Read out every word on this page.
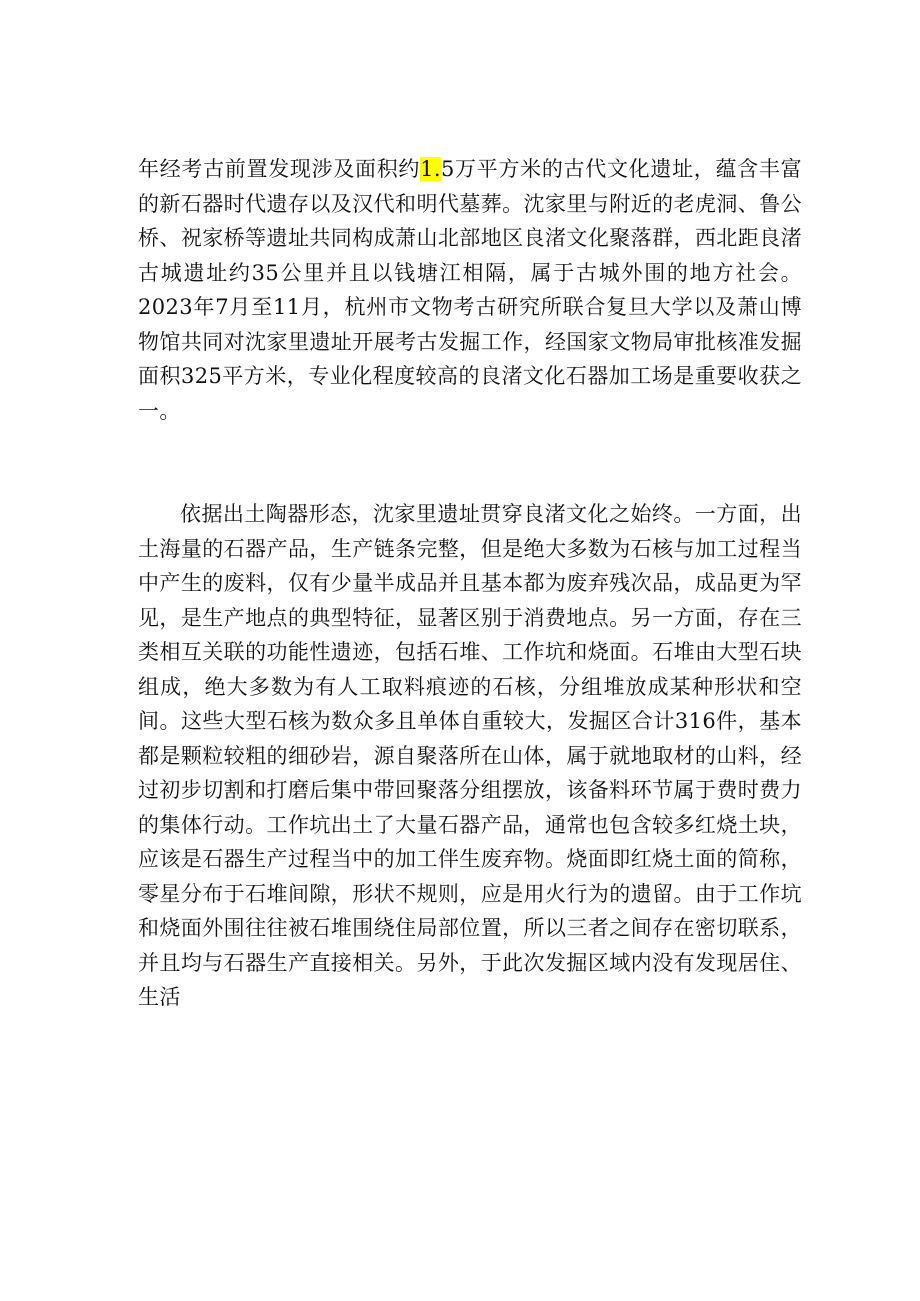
年经考古前置发现涉及面积约1.5万平方米的古代文化遗址，蕴含丰富的新石器时代遗存以及汉代和明代墓葬。沈家里与附近的老虎洞、鲁公桥、祝家桥等遗址共同构成萧山北部地区良渚文化聚落群，西北距良渚古城遗址约35公里并且以钱塘江相隔，属于古城外围的地方社会。2023年7月至11月，杭州市文物考古研究所联合复旦大学以及萧山博物馆共同对沈家里遗址开展考古发掘工作，经国家文物局审批核准发掘面积325平方米，专业化程度较高的良渚文化石器加工场是重要收获之一。

依据出土陶器形态，沈家里遗址贯穿良渚文化之始终。一方面，出土海量的石器产品，生产链条完整，但是绝大多数为石核与加工过程当中产生的废料，仅有少量半成品并且基本都为废弃残次品，成品更为罕见，是生产地点的典型特征，显著区别于消费地点。另一方面，存在三类相互关联的功能性遗迹，包括石堆、工作坑和烧面。石堆由大型石块组成，绝大多数为有人工取料痕迹的石核，分组堆放成某种形状和空间。这些大型石核为数众多且单体自重较大，发掘区合计316件，基本都是颗粒较粗的细砂岩，源自聚落所在山体，属于就地取材的山料，经过初步切割和打磨后集中带回聚落分组摆放，该备料环节属于费时费力的集体行动。工作坑出土了大量石器产品，通常也包含较多红烧土块，应该是石器生产过程当中的加工伴生废弃物。烧面即红烧土面的简称，零星分布于石堆间隙，形状不规则，应是用火行为的遗留。由于工作坑和烧面外围往往被石堆围绕住局部位置，所以三者之间存在密切联系，并且均与石器生产直接相关。另外，于此次发掘区域内没有发现居住、生活
